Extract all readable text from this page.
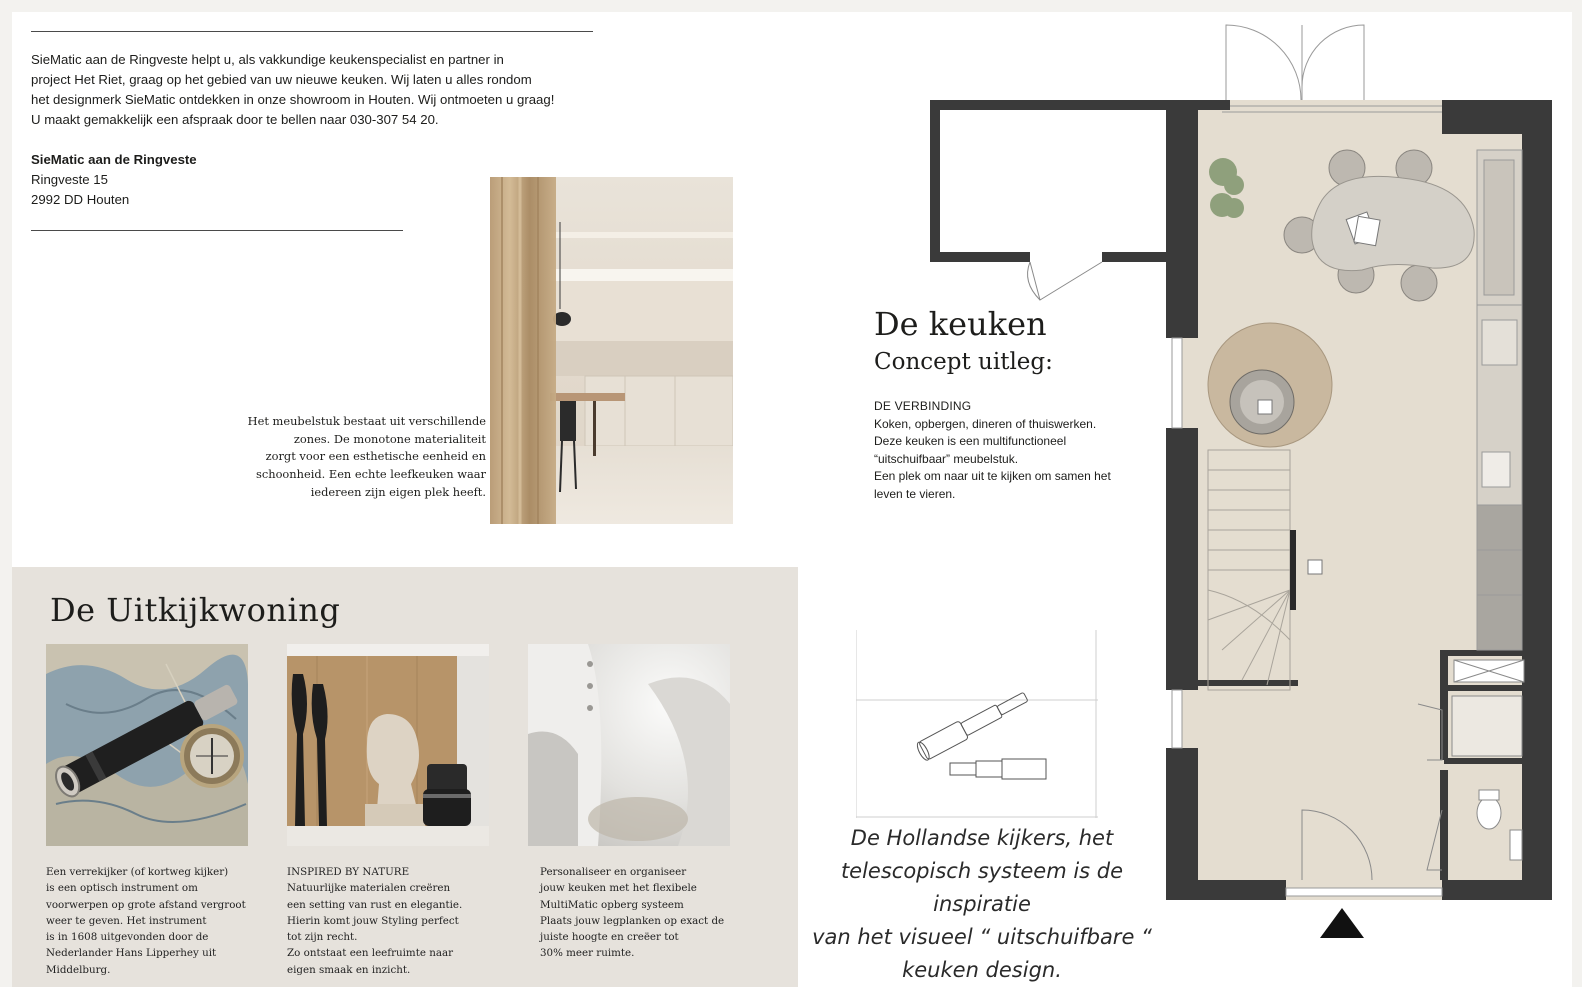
SieMatic aan de Ringveste helpt u, als vakkundige keukenspecialist en partner in

project Het Riet, graag op het gebied van uw nieuwe keuken. Wij laten u alles rondom

het designmerk SieMatic ontdekken in onze showroom in Houten. Wij ontmoeten u graag!

U maakt gemakkelijk een afspraak door te bellen naar 030-307 54 20.

SieMatic aan de Ringveste
Ringveste 15
2992 DD Houten
Het meubelstuk bestaat uit verschillende
zones. De monotone materialiteit
zorgt voor een esthetische eenheid en
schoonheid. Een echte leefkeuken waar
iedereen zijn eigen plek heeft.
De Uitkijkwoning
Een verrekijker (of kortweg kijker)
is een optisch instrument om
voorwerpen op grote afstand vergroot
weer te geven. Het instrument
is in 1608 uitgevonden door de
Nederlander Hans Lipperhey uit
Middelburg.
INSPIRED BY NATURE
Natuurlijke materialen creëren
een setting van rust en elegantie.
Hierin komt jouw Styling perfect
tot zijn recht.
Zo ontstaat een leefruimte naar
eigen smaak en inzicht.
Personaliseer en organiseer
jouw keuken met het flexibele
MultiMatic opberg systeem
Plaats jouw legplanken op exact de
juiste hoogte en creëer tot
30% meer ruimte.
De keuken
Concept uitleg:
DE VERBINDING
Koken, opbergen, dineren of thuiswerken.
Deze keuken is een multifunctioneel
“uitschuifbaar” meubelstuk.
Een plek om naar uit te kijken om samen het
leven te vieren.
De Hollandse kijkers, het
telescopisch systeem is de inspiratie
van het visueel “ uitschuifbare “
keuken design.
